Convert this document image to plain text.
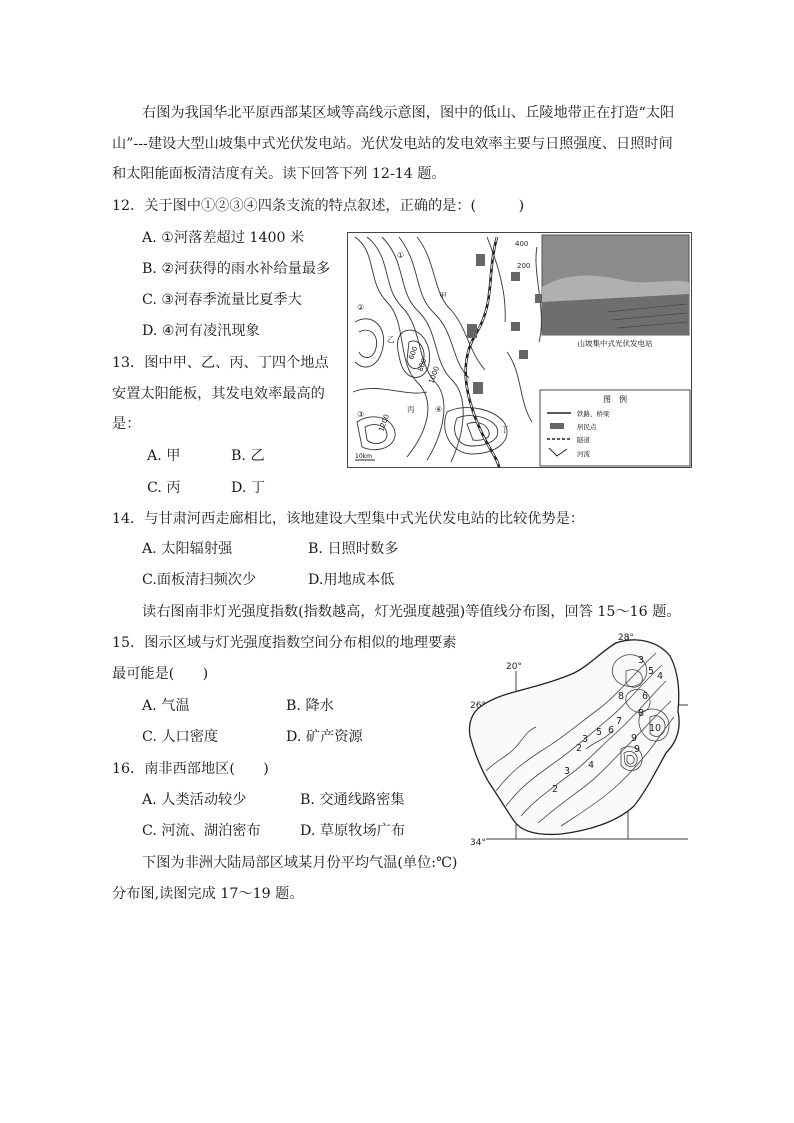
右图为我国华北平原西部某区域等高线示意图，图中的低山、丘陵地带正在打造“太阳
山”---建设大型山坡集中式光伏发电站。光伏发电站的发电效率主要与日照强度、日照时间
和太阳能面板清洁度有关。读下回答下列 12-14 题。
12．关于图中①②③④四条支流的特点叙述，正确的是：(　　　)
A. ①河落差超过 1400 米
B. ②河获得的雨水补给量最多
C. ③河春季流量比夏季大
D. ④河有凌汛现象
13．图中甲、乙、丙、丁四个地点
安置太阳能板，其发电效率最高的
是：
A. 甲	B. 乙
C. 丙	D. 丁
14．与甘肃河西走廊相比，该地建设大型集中式光伏发电站的比较优势是：
A. 太阳辐射强	B. 日照时数多
C.面板清扫频次少	D.用地成本低
读右图南非灯光强度指数(指数越高，灯光强度越强)等值线分布图，回答 15～16 题。
15．图示区域与灯光强度指数空间分布相似的地理要素
最可能是(　　)
A. 气温	B. 降水
C. 人口密度	D. 矿产资源
16．南非西部地区(　　)
A. 人类活动较少	B. 交通线路密集
C. 河流、湖泊密布	D. 草原牧场广布
下图为非洲大陆局部区域某月份平均气温(单位:℃)
分布图,读图完成 17～19 题。
山坡集中式光伏发电站
图　例
铁路、桥梁
居民点
隧道
河流
400
200
1000
800
600
1200
①
②
③
④
甲
乙
丙
丁
10km
26°
34°
20°
28°
2
3
4
5 6
7
8
9
10
3
5 4
8 6
9
2
3
